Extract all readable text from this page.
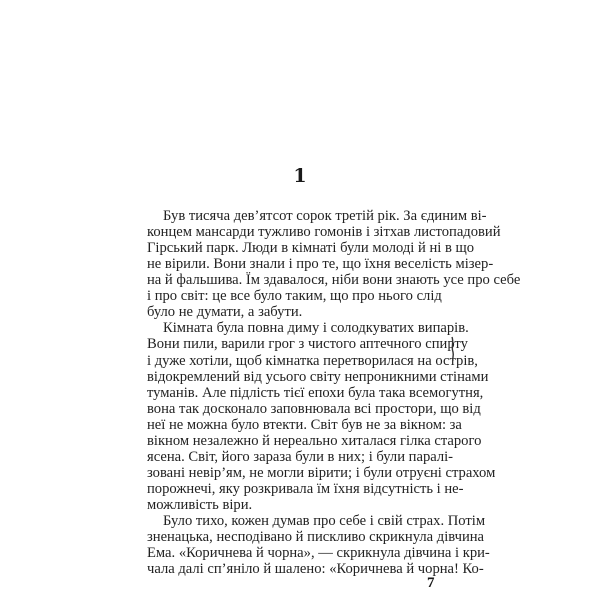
1
Був тисяча дев’ятсот сорок третій рік. За єдиним ві-
концем мансарди тужливо гомонів і зітхав листопадовий
Гірський парк. Люди в кімнаті були молоді й ні в що
не вірили. Вони знали і про те, що їхня веселість мізер-
на й фальшива. Їм здавалося, ніби вони знають усе про себе
і про світ: це все було таким, що про нього слід
було не думати, а забути.
Кімната була повна диму і солодкуватих випарів.
Вони пили, варили грог з чистого аптечного спирту
і дуже хотіли, щоб кімнатка перетворилася на острів,
відокремлений від усього світу непроникними стінами
туманів. Але підлість тієї епохи була така всемогутня,
вона так досконало заповнювала всі простори, що від
неї не можна було втекти. Світ був не за вікном: за
вікном незалежно й нереально хиталася гілка старого
ясена. Світ, його зараза були в них; і були паралі-
зовані невір’ям, не могли вірити; і були отруєні страхом
порожнечі, яку розкривала їм їхня відсутність і не-
можливість віри.
Було тихо, кожен думав про себе і свій страх. Потім
7
зненацька, несподівано й пискливо скрикнула дівчина
Ема. «Коричнева й чорна», — скрикнула дівчина і кри-
чала далі сп’яніло й шалено: «Коричнева й чорна! Ко-
